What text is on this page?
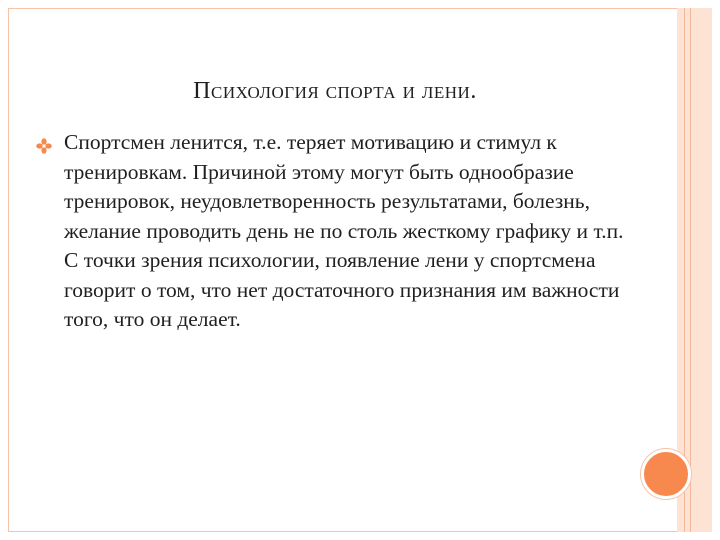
Психология спорта и лени.
Спортсмен ленится, т.е. теряет мотивацию и стимул к тренировкам. Причиной этому могут быть однообразие тренировок, неудовлетворенность результатами, болезнь, желание проводить день не по столь жесткому графику и т.п. С точки зрения психологии, появление лени у спортсмена говорит о том, что нет достаточного признания им важности того, что он делает.
